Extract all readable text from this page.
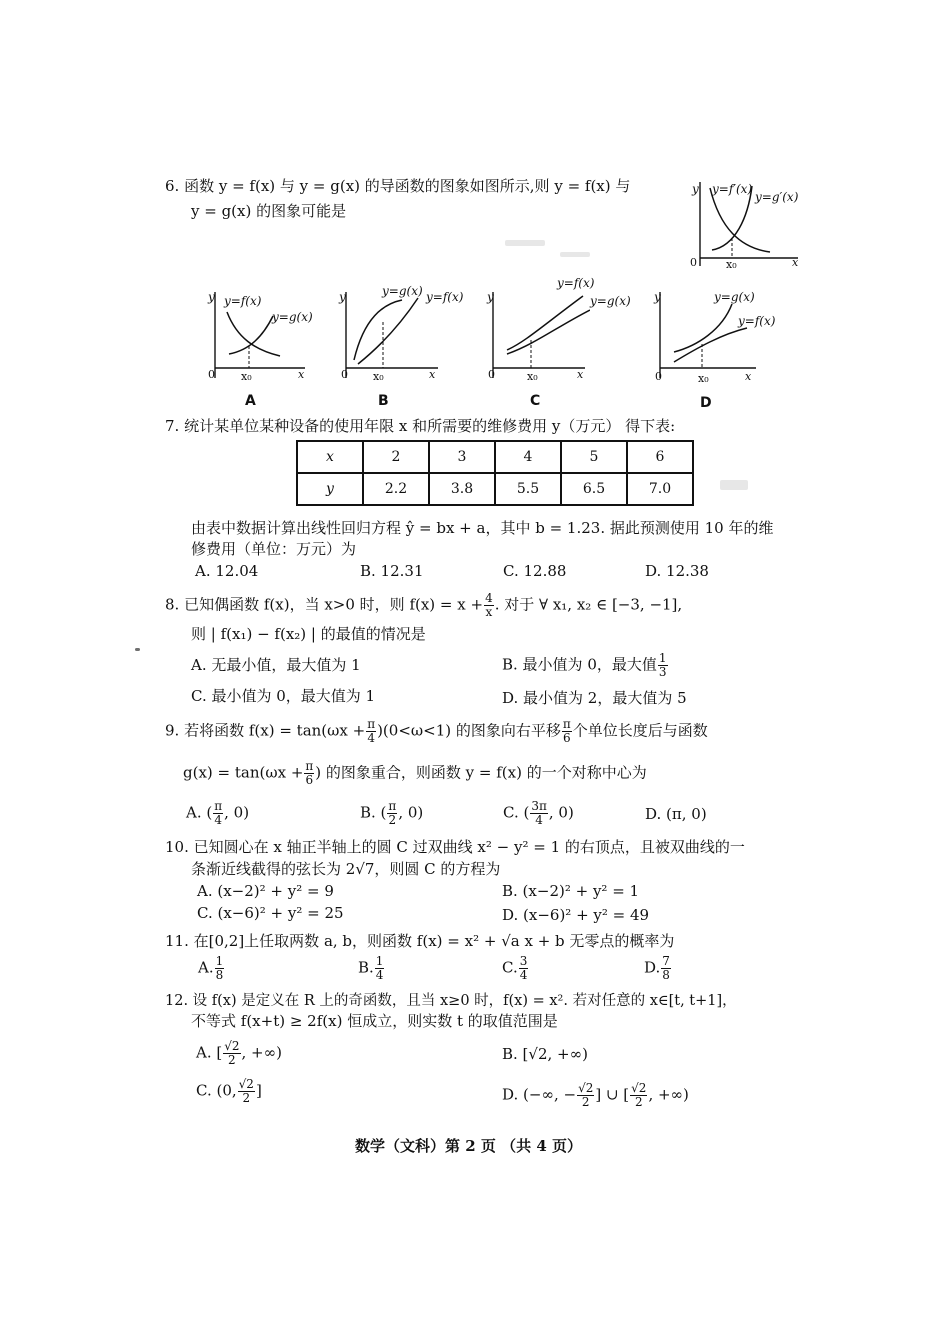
6. 函数 y = f(x) 与 y = g(x) 的导函数的图象如图所示,则 y = f(x) 与
y = g(x) 的图象可能是
y y=f′(x)
y=g′(x)
0	x₀	x
y y=f(x)
y=g(x)
0 x₀	x
A
y	y=g(x) y=f(x)
0 x₀	x
B
y
y=f(x)
y=g(x)
0	x₀	x
C
y	y=g(x)
y=f(x)
0	x₀	x
D
7. 统计某单位某种设备的使用年限 x 和所需要的维修费用 y（万元） 得下表:
x	2	3	4	5	6
y	2.2	3.8	5.5	6.5	7.0
由表中数据计算出线性回归方程 ŷ = bx + a，其中 b = 1.23. 据此预测使用 10 年的维
修费用（单位：万元）为
A. 12.04	B. 12.31	C. 12.88	D. 12.38
8. 已知偶函数 f(x)，当 x>0 时，则 $f(x) = x + \frac{4}{x}$ . 对于 ∀ x₁, x₂ ∈ [−3, −1],
则 | f(x₁) − f(x₂) | 的最值的情况是
A. 无最小值，最大值为 1	B. 最小值为 0，最大值 $\frac{1}{3}$
C. 最小值为 0，最大值为 1	D. 最小值为 2，最大值为 5
9. 若将函数 $f(x) = \tan(\omega x + \frac{\pi}{4} )(0<\omega<1)$ 的图象向右平移 $\frac{\pi}{6}$ 个单位长度后与函数
$g(x) = \tan(\omega x + \frac{\pi}{6}$ ) 的图象重合，则函数 y = f(x) 的一个对称中心为
A. ( $\frac{\pi}{4}$ , 0)	B. ( $\frac{\pi}{2}$ , 0)	C. ( $\frac{3\pi}{4}$ , 0)	D. (π, 0)
10. 已知圆心在 x 轴正半轴上的圆 C 过双曲线 x² − y² = 1 的右顶点，且被双曲线的一
条渐近线截得的弦长为 2√7，则圆 C 的方程为
A. (x−2)² + y² = 9	B. (x−2)² + y² = 1
C. (x−6)² + y² = 25	D. (x−6)² + y² = 49
11. 在[0,2]上任取两数 a, b，则函数 f(x) = x² + √a x + b 无零点的概率为
A. $\frac{1}{8}$	B. $\frac{1}{4}$	C. $\frac{3}{4}$	D. $\frac{7}{8}$
12. 设 f(x) 是定义在 R 上的奇函数，且当 x≥0 时，f(x) = x². 若对任意的 x∈[t, t+1]，
不等式 f(x+t) ≥ 2f(x) 恒成立，则实数 t 的取值范围是
A. [ $\frac{√2}{2}$ , +∞)	B. [√2, +∞)
C. (0, $\frac{√2}{2}$ ]	D. (−∞, − $\frac{√2}{2}$ ] ∪ [ $\frac{√2}{2}$ , +∞)
数学（文科）第 2 页 （共 4 页）
